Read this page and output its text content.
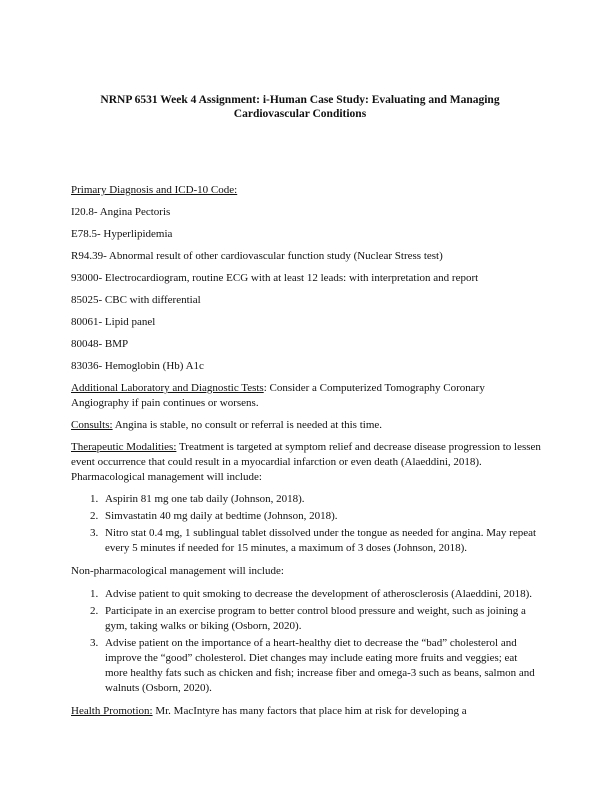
NRNP 6531 Week 4 Assignment: i-Human Case Study: Evaluating and Managing
Cardiovascular Conditions

Primary Diagnosis and ICD-10 Code:

I20.8- Angina Pectoris

E78.5- Hyperlipidemia

R94.39- Abnormal result of other cardiovascular function study (Nuclear Stress test)

93000- Electrocardiogram, routine ECG with at least 12 leads: with interpretation and report

85025- CBC with differential

80061- Lipid panel

80048- BMP

83036- Hemoglobin (Hb) A1c

Additional Laboratory and Diagnostic Tests: Consider a Computerized Tomography Coronary Angiography if pain continues or worsens.

Consults: Angina is stable, no consult or referral is needed at this time.

Therapeutic Modalities: Treatment is targeted at symptom relief and decrease disease progression to lessen event occurrence that could result in a myocardial infarction or even death (Alaeddini, 2018). Pharmacological management will include:

1. Aspirin 81 mg one tab daily (Johnson, 2018).
2. Simvastatin 40 mg daily at bedtime (Johnson, 2018).
3. Nitro stat 0.4 mg, 1 sublingual tablet dissolved under the tongue as needed for angina. May repeat every 5 minutes if needed for 15 minutes, a maximum of 3 doses (Johnson, 2018).

Non-pharmacological management will include:

1. Advise patient to quit smoking to decrease the development of atherosclerosis (Alaeddini, 2018).
2. Participate in an exercise program to better control blood pressure and weight, such as joining a gym, taking walks or biking (Osborn, 2020).
3. Advise patient on the importance of a heart-healthy diet to decrease the “bad” cholesterol and improve the “good” cholesterol. Diet changes may include eating more fruits and veggies; eat more healthy fats such as chicken and fish; increase fiber and omega-3 such as beans, salmon and walnuts (Osborn, 2020).

Health Promotion: Mr. MacIntyre has many factors that place him at risk for developing a
